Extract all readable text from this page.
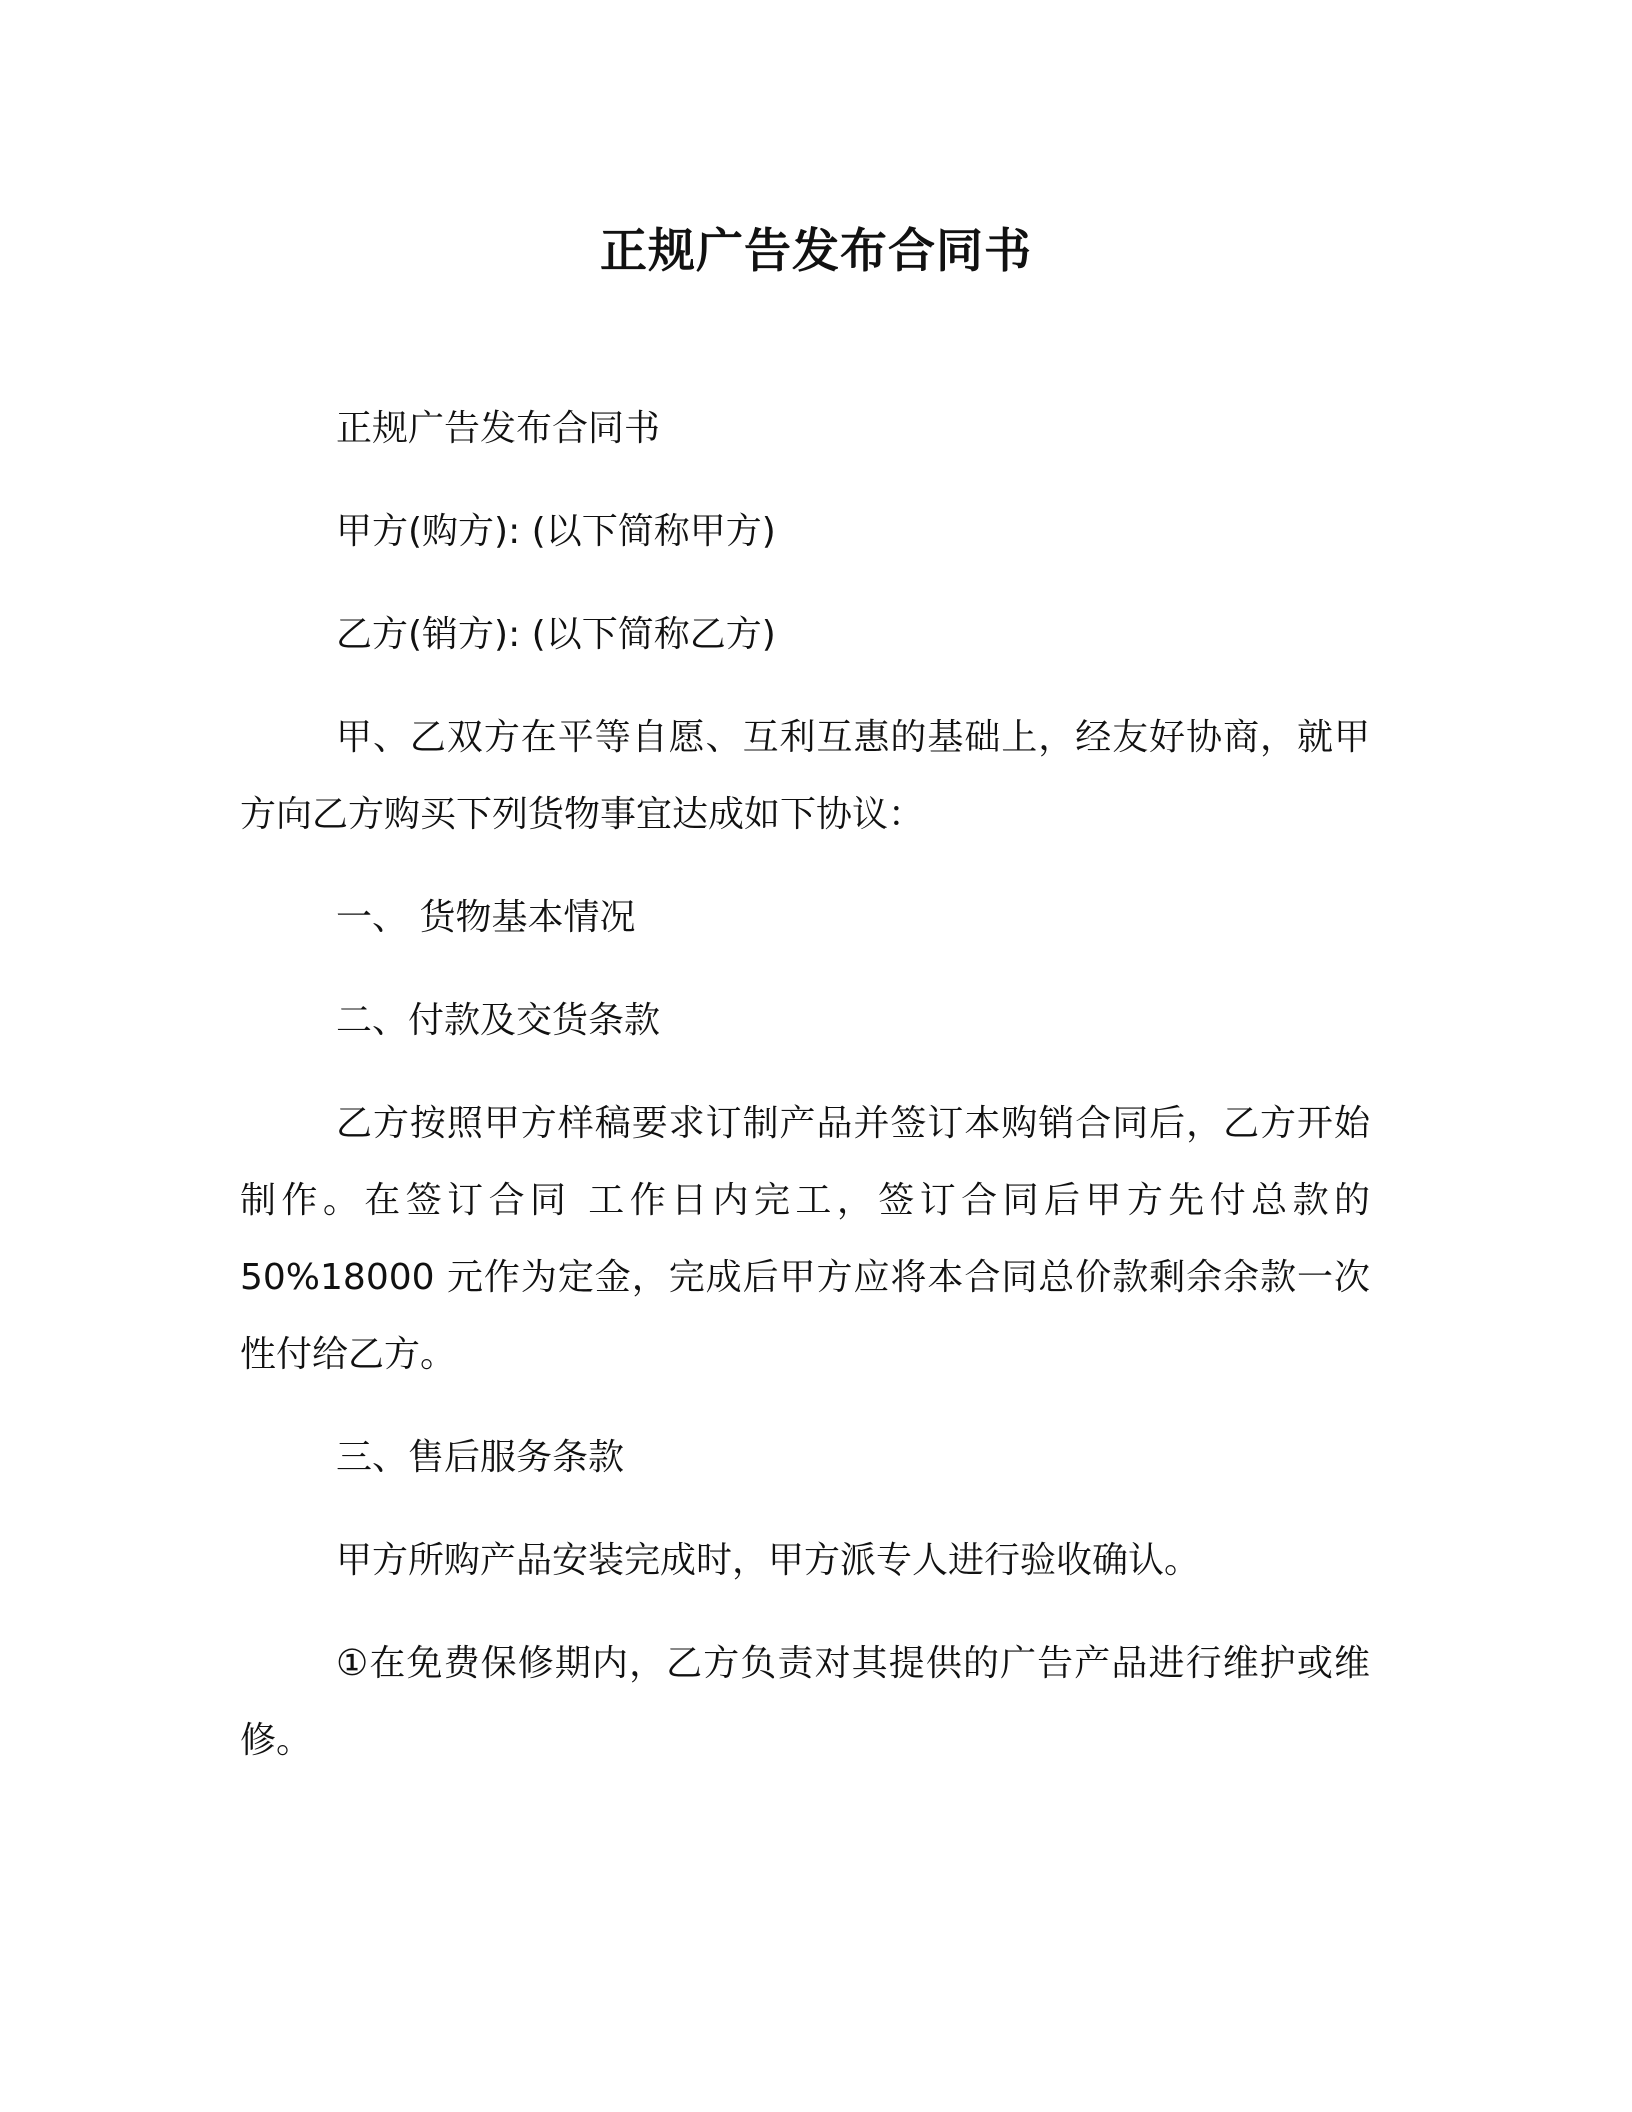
正规广告发布合同书

正规广告发布合同书

甲方(购方): (以下简称甲方)

乙方(销方): (以下简称乙方)

甲、乙双方在平等自愿、互利互惠的基础上，经友好协商，就甲方向乙方购买下列货物事宜达成如下协议：

一、 货物基本情况

二、付款及交货条款

乙方按照甲方样稿要求订制产品并签订本购销合同后，乙方开始制作。在签订合同 工作日内完工，签订合同后甲方先付总款的 50%18000 元作为定金，完成后甲方应将本合同总价款剩余余款一次性付给乙方。

三、售后服务条款

甲方所购产品安装完成时，甲方派专人进行验收确认。

①在免费保修期内，乙方负责对其提供的广告产品进行维护或维修。
